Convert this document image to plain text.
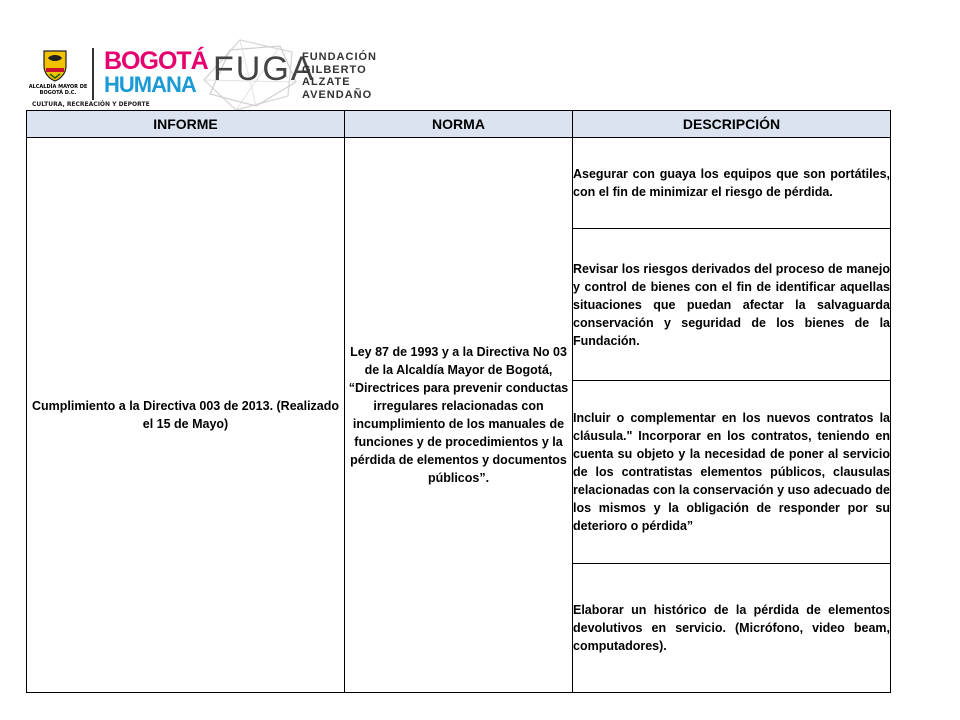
ALCALDÍA MAYOR DE BOGOTÁ D.C.
BOGOTÁ
HUMANA
CULTURA, RECREACIÓN Y DEPORTE
FUGA
FUNDACIÓN
GILBERTO
ALZATE
AVENDAÑO
INFORME	NORMA	DESCRIPCIÓN
Cumplimiento a la Directiva 003 de 2013. (Realizado el 15 de Mayo)	Ley 87 de 1993 y a la Directiva No 03 de la Alcaldía Mayor de Bogotá, “Directrices para prevenir conductas irregulares relacionadas con incumplimiento de los manuales de funciones y de procedimientos y la pérdida de elementos y documentos públicos”.	Asegurar con guaya los equipos que son portátiles, con el fin de minimizar el riesgo de pérdida.
		Revisar los riesgos derivados del proceso de manejo y control de bienes con el fin de identificar aquellas situaciones que puedan afectar la salvaguarda conservación y seguridad de los bienes de la Fundación.
		Incluir o complementar en los nuevos contratos la cláusula." Incorporar en los contratos, teniendo en cuenta su objeto y la necesidad de poner al servicio de los contratistas elementos públicos, clausulas relacionadas con la conservación y uso adecuado de los mismos y la obligación de responder por su deterioro o pérdida”
		Elaborar un histórico de la pérdida de elementos devolutivos en servicio. (Micrófono, video beam, computadores).
